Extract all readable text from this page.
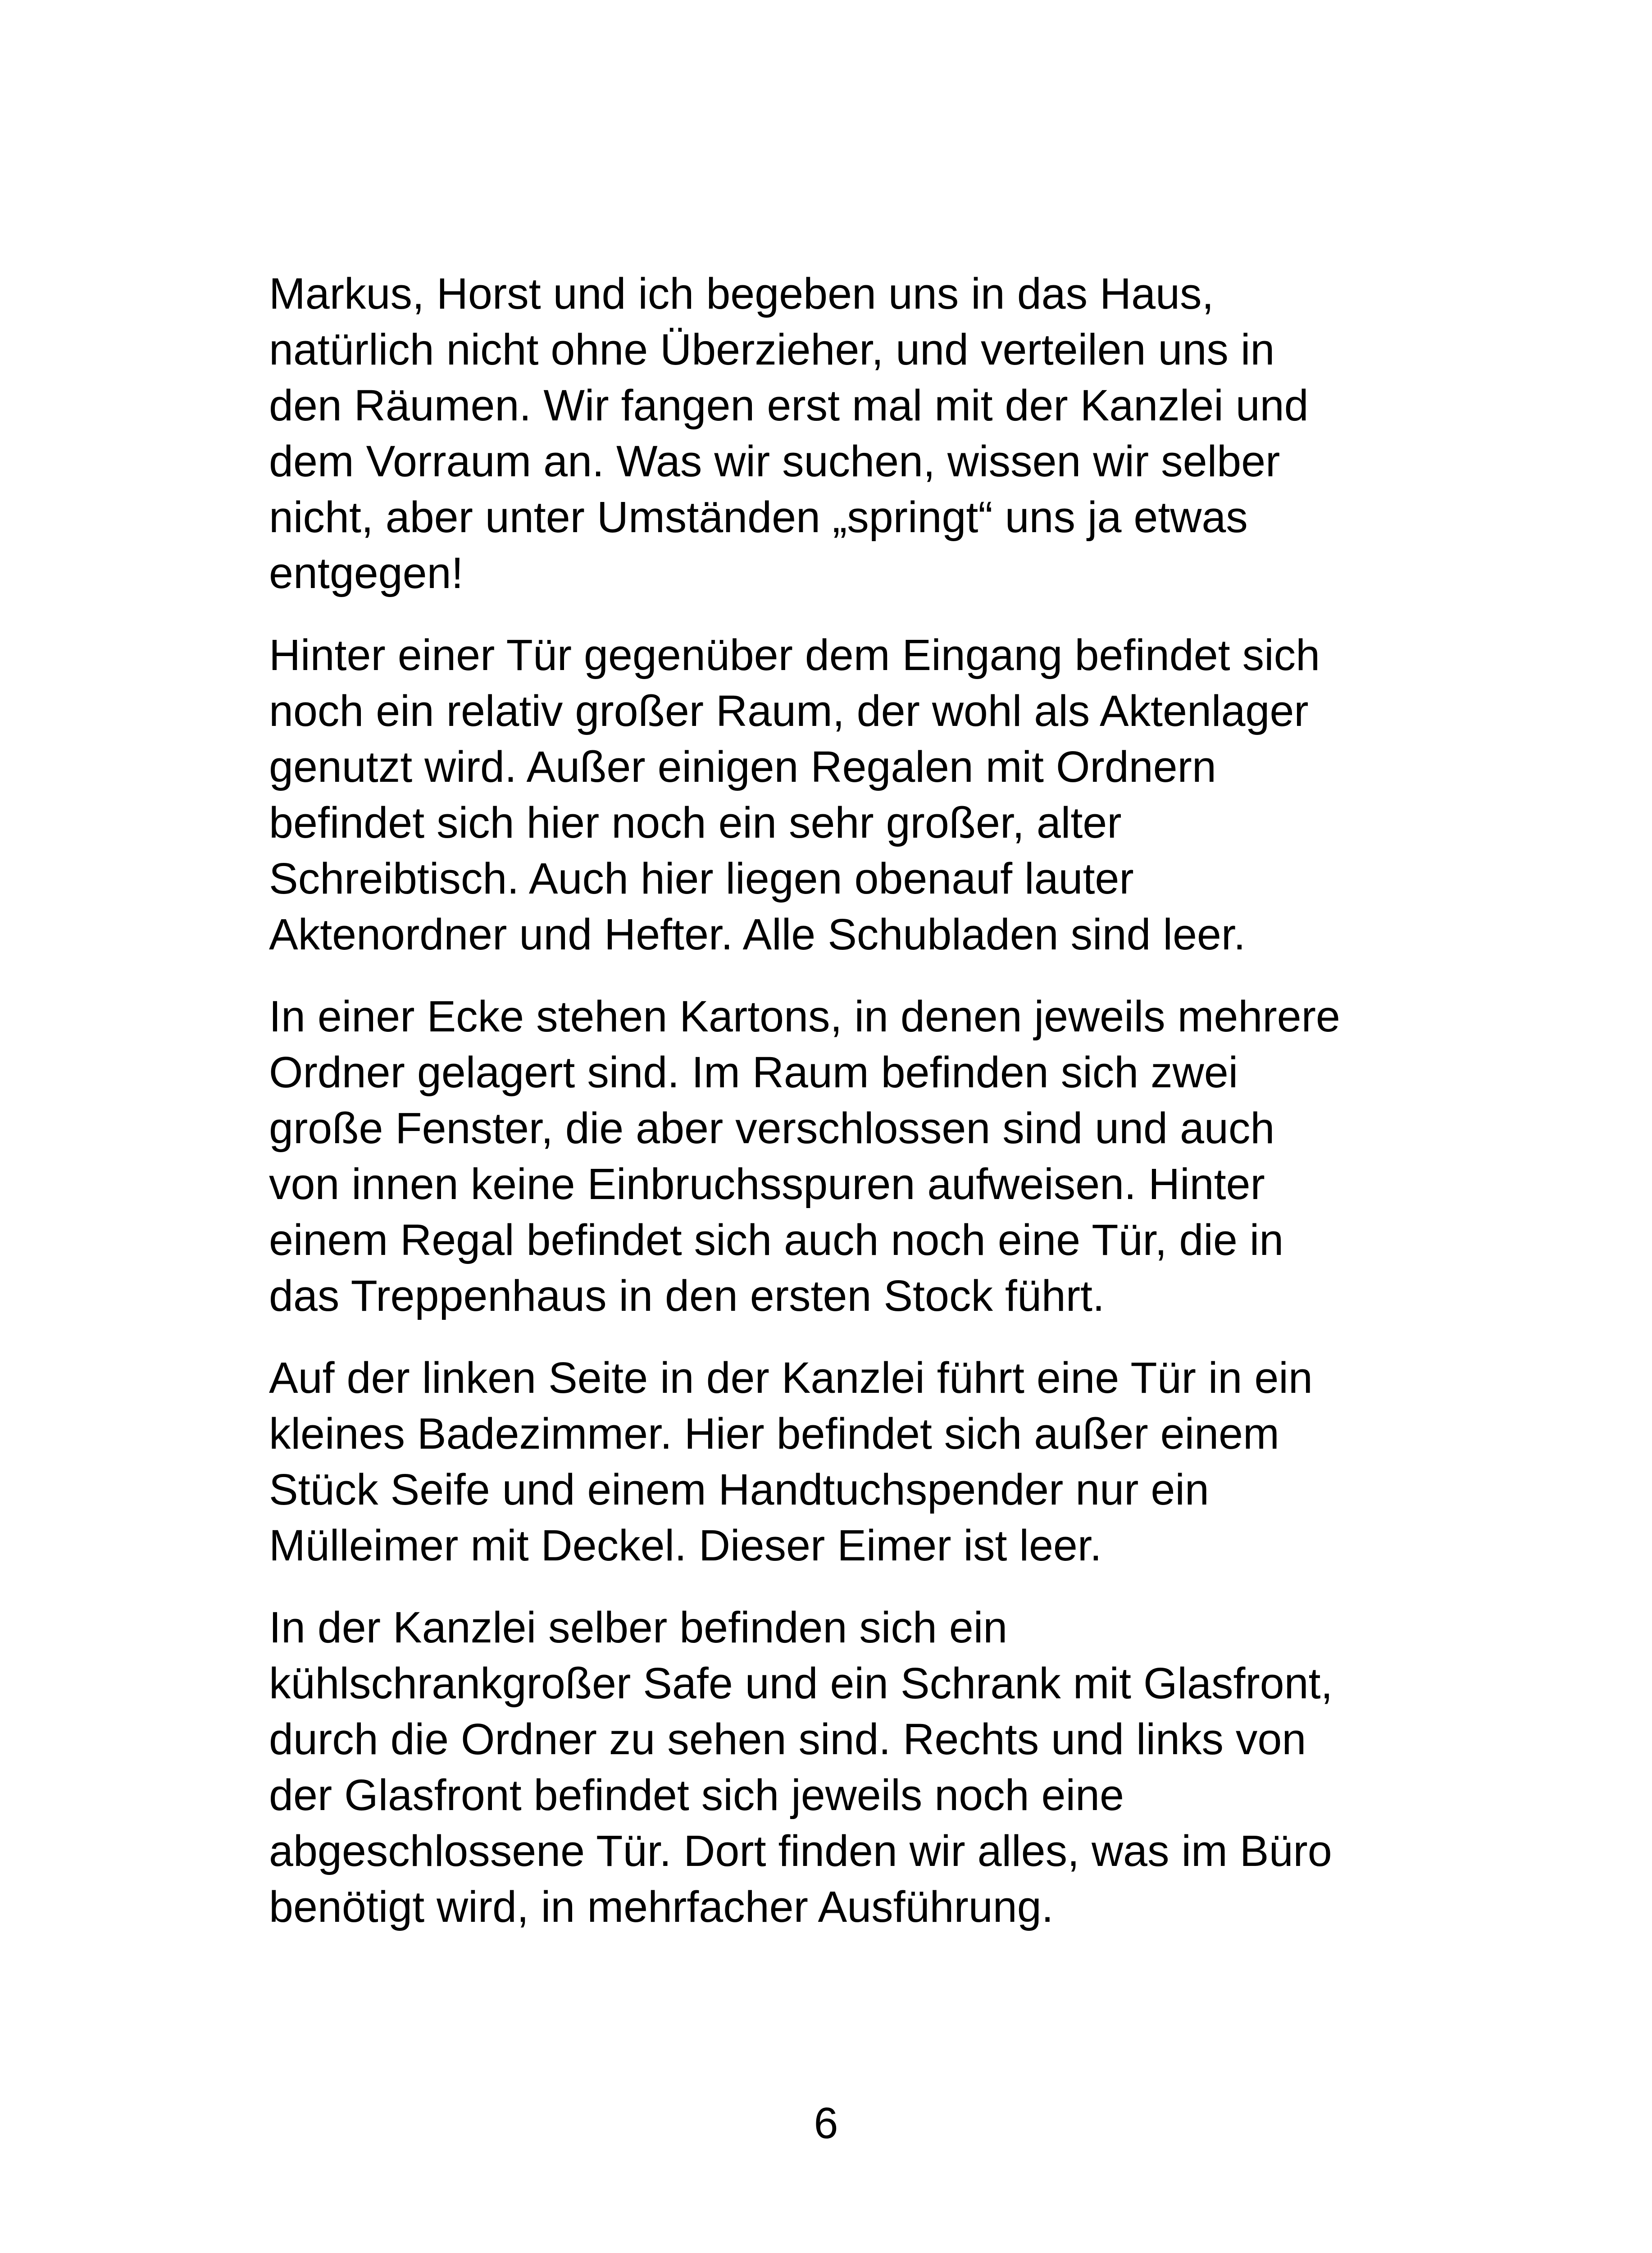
Markus, Horst und ich begeben uns in das Haus,
natürlich nicht ohne Überzieher, und verteilen uns in
den Räumen. Wir fangen erst mal mit der Kanzlei und
dem Vorraum an. Was wir suchen, wissen wir selber
nicht, aber unter Umständen „springt“ uns ja etwas
entgegen!

Hinter einer Tür gegenüber dem Eingang befindet sich
noch ein relativ großer Raum, der wohl als Aktenlager
genutzt wird. Außer einigen Regalen mit Ordnern
befindet sich hier noch ein sehr großer, alter
Schreibtisch. Auch hier liegen obenauf lauter
Aktenordner und Hefter. Alle Schubladen sind leer.

In einer Ecke stehen Kartons, in denen jeweils mehrere
Ordner gelagert sind. Im Raum befinden sich zwei
große Fenster, die aber verschlossen sind und auch
von innen keine Einbruchsspuren aufweisen. Hinter
einem Regal befindet sich auch noch eine Tür, die in
das Treppenhaus in den ersten Stock führt.

Auf der linken Seite in der Kanzlei führt eine Tür in ein
kleines Badezimmer. Hier befindet sich außer einem
Stück Seife und einem Handtuchspender nur ein
Mülleimer mit Deckel. Dieser Eimer ist leer.

In der Kanzlei selber befinden sich ein
kühlschrankgroßer Safe und ein Schrank mit Glasfront,
durch die Ordner zu sehen sind. Rechts und links von
der Glasfront befindet sich jeweils noch eine
abgeschlossene Tür. Dort finden wir alles, was im Büro
benötigt wird, in mehrfacher Ausführung.

6
